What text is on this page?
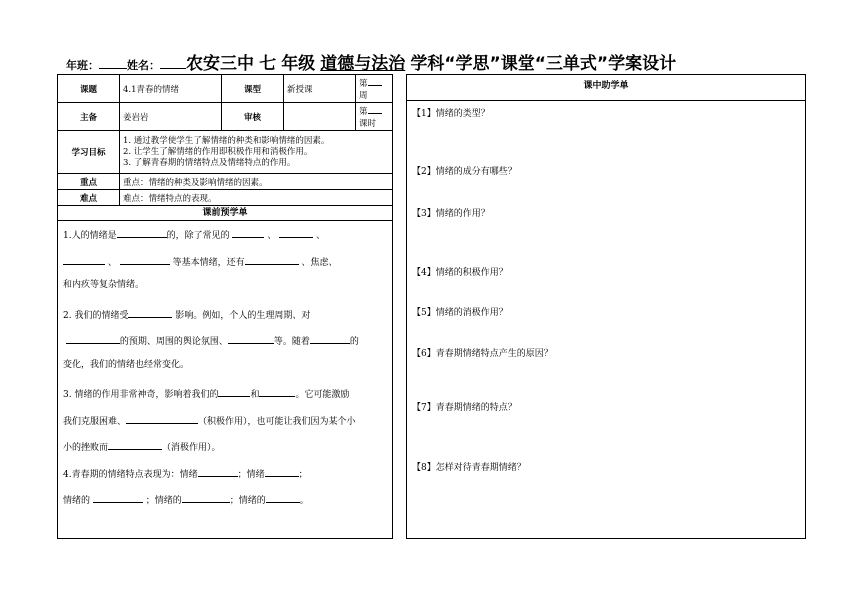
年班：	姓名： 农安三中 七 年级 道德与法治 学科“学思”课堂“三单式”学案设计
课题	4.1青春的情绪	课型	新授课	第周
主备	姜岩岩	审核		第课时
学习目标	1. 通过教学使学生了解情绪的种类和影响情绪的因素。
2. 让学生了解情绪的作用即积极作用和消极作用。
3. 了解青春期的情绪特点及情绪特点的作用。			

重点	重点：情绪的种类及影响情绪的因素。			
难点	难点：情绪特点的表现。			
课前预学单

1.人的情绪是	的，除了常见的	、	、

、	等基本情绪，还有	、焦虑、

和内疚等复杂情绪。

2. 我们的情绪受	影响。例如，个人的生理周期、对

的预期、周围的舆论氛围、	等。随着	的

变化，我们的情绪也经常变化。

3. 情绪的作用非常神奇，影响着我们的	和	。它可能激励

我们克服困难、	（积极作用），也可能让我们因为某个小

小的挫败而	（消极作用）。

4.青春期的情绪特点表现为：情绪	；情绪	；

情绪的	；情绪的	；情绪的	。

课中助学单
【1】情绪的类型？
【2】情绪的成分有哪些？
【3】情绪的作用？
【4】情绪的积极作用？
【5】情绪的消极作用？
【6】青春期情绪特点产生的原因？
【7】青春期情绪的特点？
【8】怎样对待青春期情绪？
